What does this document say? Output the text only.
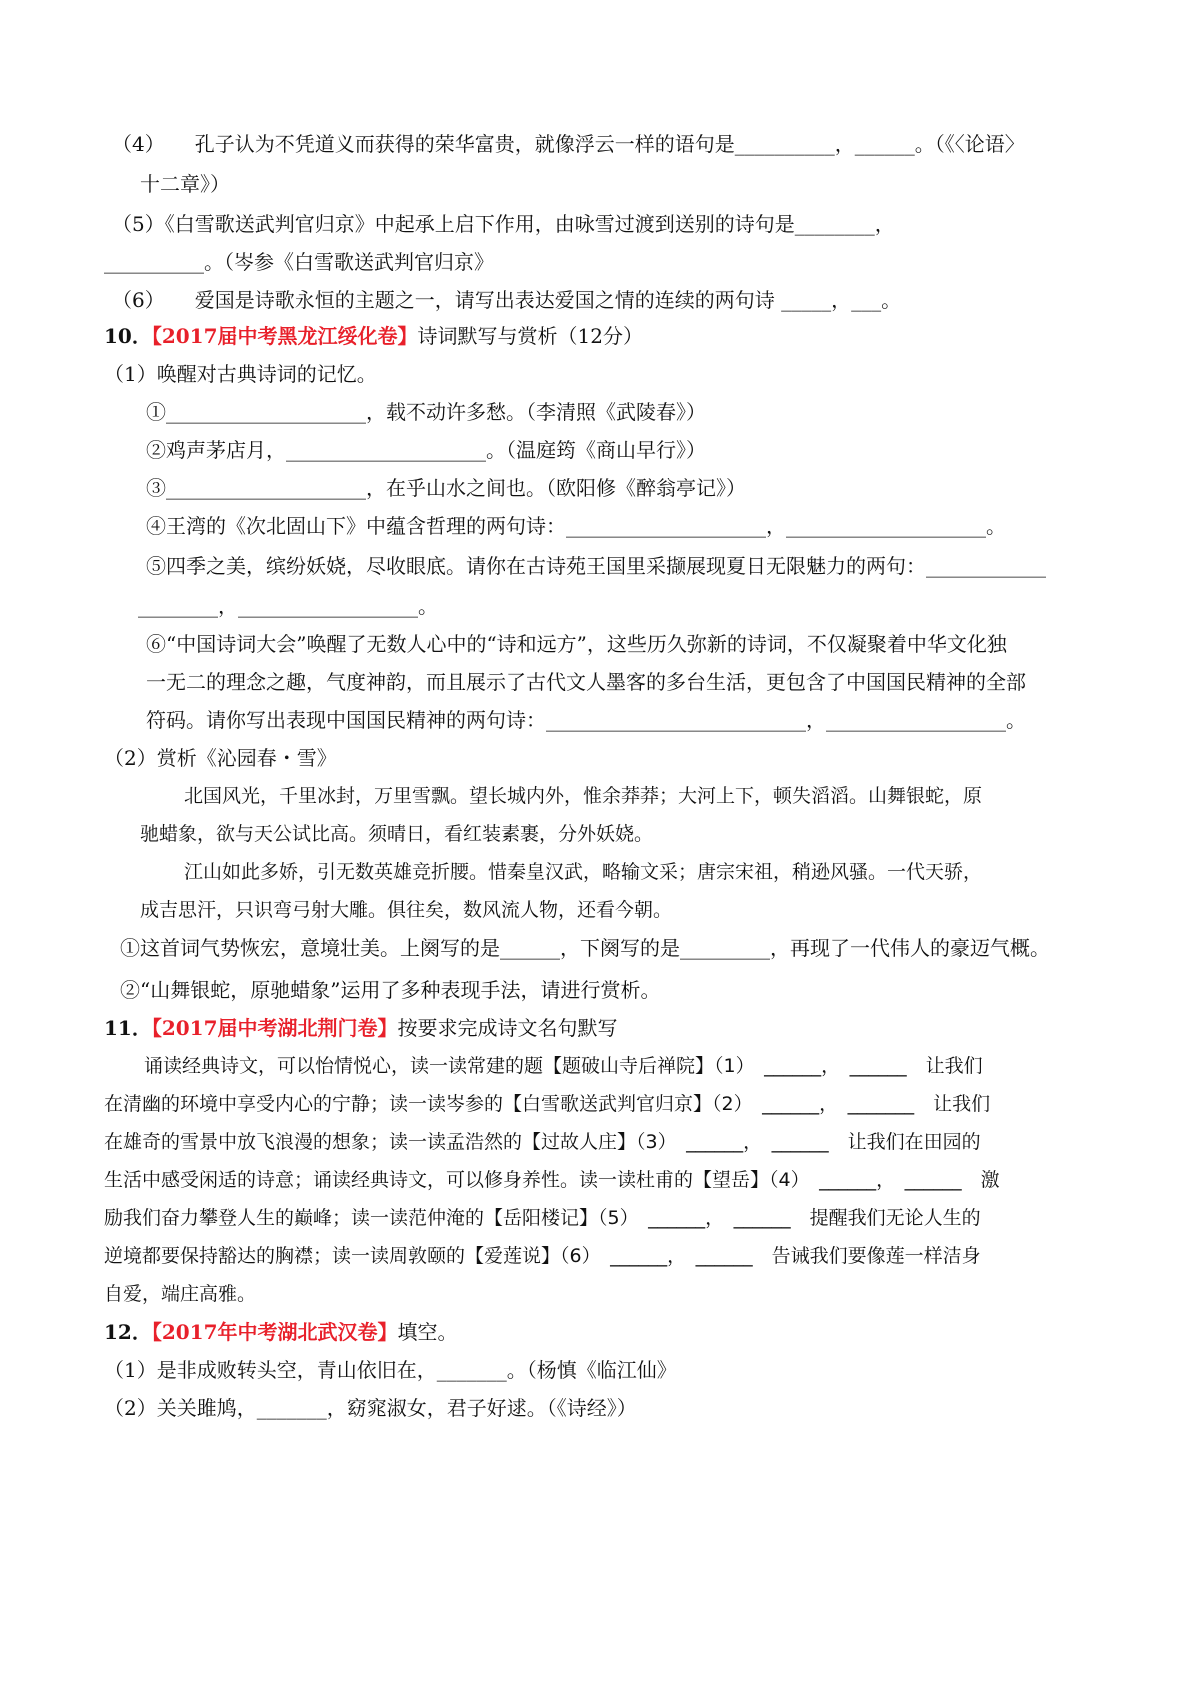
（4）　　孔子认为不凭道义而获得的荣华富贵，就像浮云一样的语句是__________，______。（《〈论语〉
十二章》）
（5）《白雪歌送武判官归京》中起承上启下作用，由咏雪过渡到送别的诗句是________，
__________。（岑参《白雪歌送武判官归京》
（6）　　爱国是诗歌永恒的主题之一，请写出表达爱国之情的连续的两句诗 _____，___。
10．【2017届中考黑龙江绥化卷】诗词默写与赏析（12分）
（1）唤醒对古典诗词的记忆。
①____________________，载不动许多愁。（李清照《武陵春》）
②鸡声茅店月，____________________。（温庭筠《商山早行》）
③____________________，在乎山水之间也。（欧阳修《醉翁亭记》）
④王湾的《次北固山下》中蕴含哲理的两句诗：____________________，____________________。
⑤四季之美，缤纷妖娆，尽收眼底。请你在古诗苑王国里采撷展现夏日无限魅力的两句：____________
________，__________________。
⑥“中国诗词大会”唤醒了无数人心中的“诗和远方”，这些历久弥新的诗词，不仅凝聚着中华文化独
一无二的理念之趣，气度神韵，而且展示了古代文人墨客的多台生活，更包含了中国国民精神的全部
符码。请你写出表现中国国民精神的两句诗：__________________________，__________________。
（2）赏析《沁园春・雪》
北国风光，千里冰封，万里雪飘。望长城内外，惟余莽莽；大河上下，顿失滔滔。山舞银蛇，原
驰蜡象，欲与天公试比高。须晴日，看红装素裹，分外妖娆。
江山如此多娇，引无数英雄竞折腰。惜秦皇汉武，略输文采；唐宗宋祖，稍逊风骚。一代天骄，
成吉思汗，只识弯弓射大雕。俱往矣，数风流人物，还看今朝。
①这首词气势恢宏，意境壮美。上阕写的是______，下阕写的是_________，再现了一代伟人的豪迈气概。
②“山舞银蛇，原驰蜡象”运用了多种表现手法，请进行赏析。
11．【2017届中考湖北荆门卷】按要求完成诗文名句默写
诵读经典诗文，可以怡情悦心，读一读常建的题【题破山寺后禅院】（1）　______，　______　让我们
在清幽的环境中享受内心的宁静；读一读岑参的【白雪歌送武判官归京】（2）　______，　_______　让我们
在雄奇的雪景中放飞浪漫的想象；读一读孟浩然的【过故人庄】（3）　______，　______　让我们在田园的
生活中感受闲适的诗意；诵读经典诗文，可以修身养性。读一读杜甫的【望岳】（4）　______，　______　激
励我们奋力攀登人生的巅峰；读一读范仲淹的【岳阳楼记】（5）　______，　______　提醒我们无论人生的
逆境都要保持豁达的胸襟；读一读周敦颐的【爱莲说】（6）　______，　______　告诫我们要像莲一样洁身
自爱，端庄高雅。
12．【2017年中考湖北武汉卷】填空。
（1）是非成败转头空，青山依旧在，_______。（杨慎《临江仙》
（2）关关雎鸠，_______，窈窕淑女，君子好逑。（《诗经》）
